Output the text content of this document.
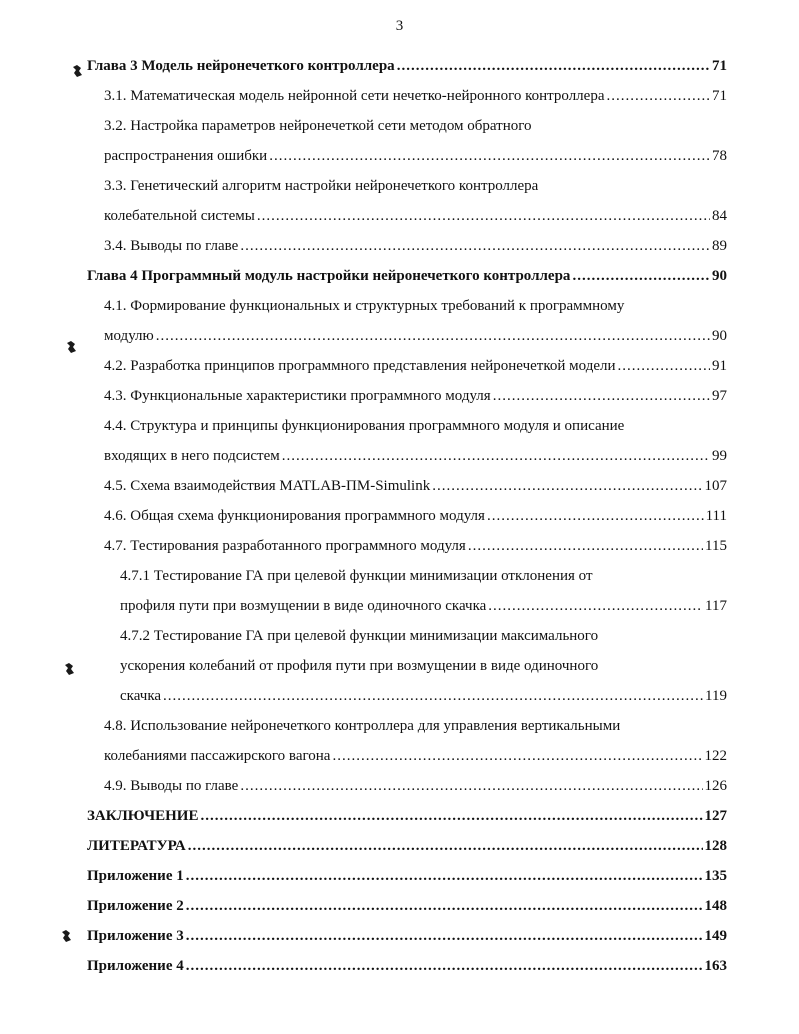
3
Глава 3 Модель нейронечеткого контроллера .....	71
3.1. Математическая модель нейронной сети нечетко-нейронного контроллера .....	71
3.2. Настройка параметров нейронечеткой сети методом обратного
распространения ошибки .....	78
3.3. Генетический алгоритм настройки нейронечеткого контроллера
колебательной системы .....	84
3.4. Выводы по главе .....	89
Глава 4 Программный модуль настройки нейронечеткого контроллера .....	90
4.1. Формирование функциональных и структурных требований к программному
модулю .....	90
4.2. Разработка принципов программного представления нейронечеткой модели .....	91
4.3. Функциональные характеристики программного модуля .....	97
4.4. Структура и принципы функционирования программного модуля и описание
входящих в него подсистем .....	99
4.5. Схема взаимодействия MATLAB-ПМ-Simulink .....	107
4.6. Общая схема функционирования программного модуля .....	111
4.7. Тестирования разработанного программного модуля .....	115
4.7.1 Тестирование ГА при целевой функции минимизации отклонения от
профиля пути при возмущении в виде одиночного скачка .....	117
4.7.2 Тестирование ГА при целевой функции минимизации максимального
ускорения колебаний от профиля пути при возмущении в виде одиночного
скачка .....	119
4.8. Использование нейронечеткого контроллера для управления вертикальными
колебаниями пассажирского вагона .....	122
4.9. Выводы по главе .....	126
ЗАКЛЮЧЕНИЕ .....	127
ЛИТЕРАТУРА .....	128
Приложение 1 .....	135
Приложение 2 .....	148
Приложение 3 .....	149
Приложение 4 .....	163
